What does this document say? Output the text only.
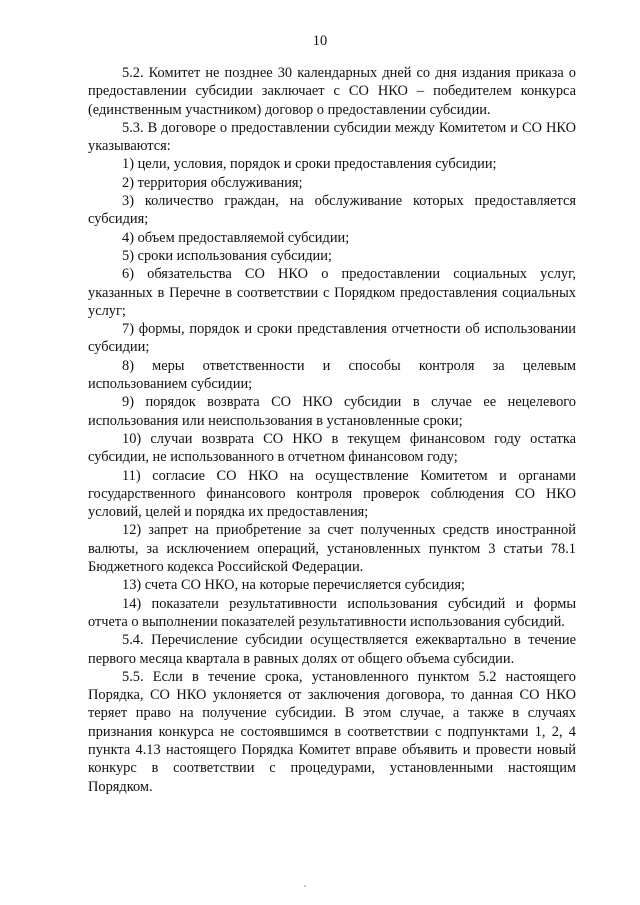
10

5.2. Комитет не позднее 30 календарных дней со дня издания приказа о предоставлении субсидии заключает с СО НКО – победителем конкурса (единственным участником) договор о предоставлении субсидии.

5.3. В договоре о предоставлении субсидии между Комитетом и СО НКО указываются:

1) цели, условия, порядок и сроки предоставления субсидии;

2) территория обслуживания;

3) количество граждан, на обслуживание которых предоставляется субсидия;

4) объем предоставляемой субсидии;

5) сроки использования субсидии;

6) обязательства СО НКО о предоставлении социальных услуг, указанных в Перечне в соответствии с Порядком предоставления социальных услуг;

7) формы, порядок и сроки представления отчетности об использовании субсидии;

8) меры ответственности и способы контроля за целевым использованием субсидии;

9) порядок возврата СО НКО субсидии в случае ее нецелевого использования или неиспользования в установленные сроки;

10) случаи возврата СО НКО в текущем финансовом году остатка субсидии, не использованного в отчетном финансовом году;

11) согласие СО НКО на осуществление Комитетом и органами государственного финансового контроля проверок соблюдения СО НКО условий, целей и порядка их предоставления;

12) запрет на приобретение за счет полученных средств иностранной валюты, за исключением операций, установленных пунктом 3 статьи 78.1 Бюджетного кодекса Российской Федерации.

13) счета СО НКО, на которые перечисляется субсидия;

14) показатели результативности использования субсидий и формы отчета о выполнении показателей результативности использования субсидий.

5.4. Перечисление субсидии осуществляется ежеквартально в течение первого месяца квартала в равных долях от общего объема субсидии.

5.5. Если в течение срока, установленного пунктом 5.2 настоящего Порядка, СО НКО уклоняется от заключения договора, то данная СО НКО теряет право на получение субсидии. В этом случае, а также в случаях признания конкурса не состоявшимся в соответствии с подпунктами 1, 2, 4 пункта 4.13 настоящего Порядка Комитет вправе объявить и провести новый конкурс в соответствии с процедурами, установленными настоящим Порядком.
